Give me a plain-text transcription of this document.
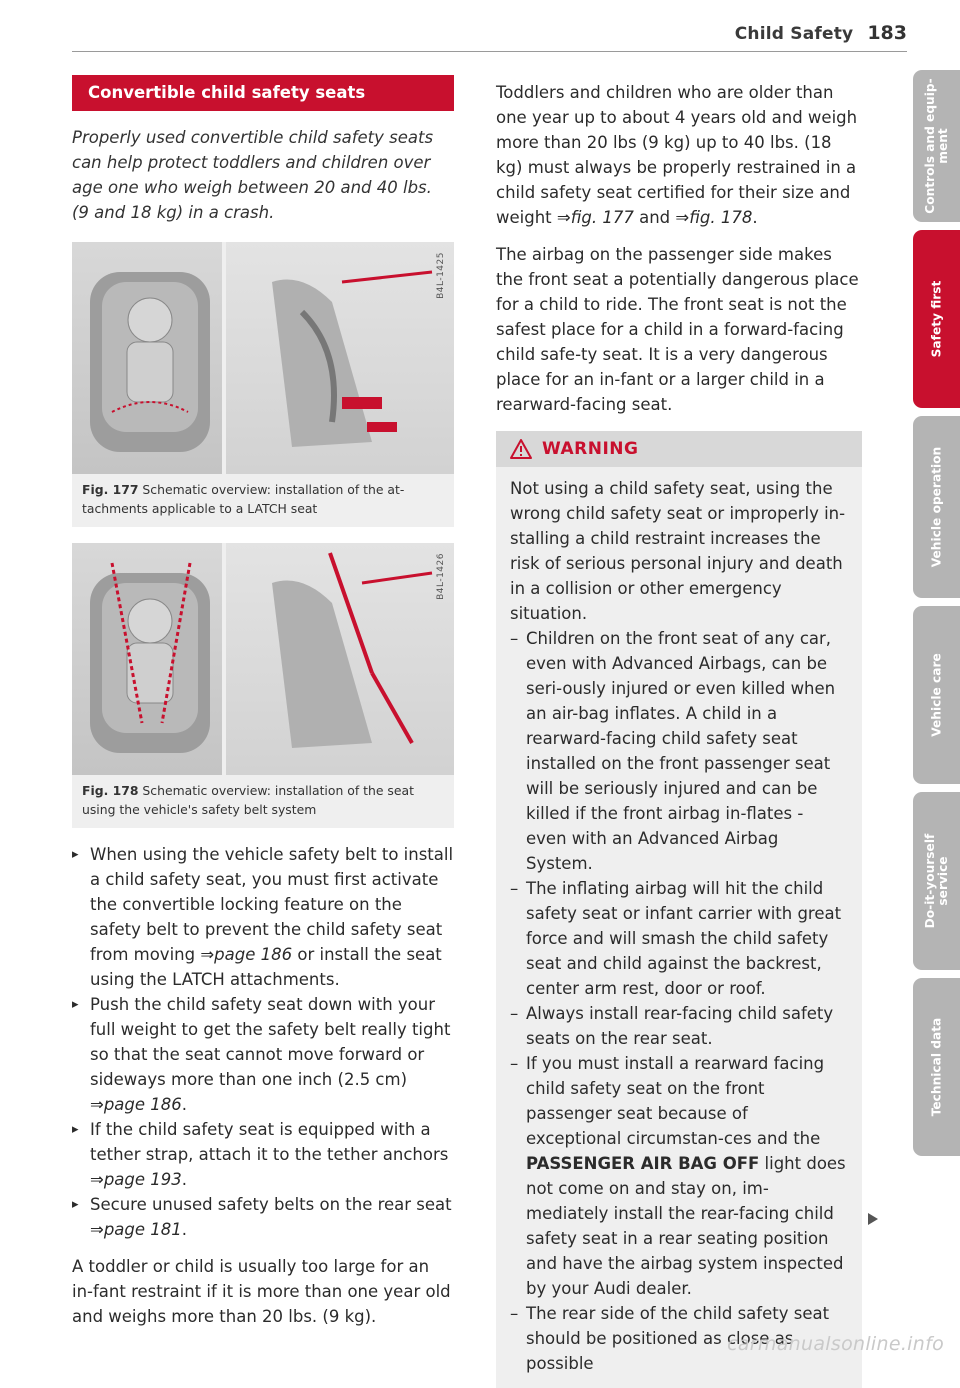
Child Safety 183
Convertible child safety seats

Properly used convertible child safety seats can help protect toddlers and children over age one who weigh between 20 and 40 lbs. (9 and 18 kg) in a crash.

B4L-1425
Fig. 177 Schematic overview: installation of the at-tachments applicable to a LATCH seat
B4L-1426
Fig. 178 Schematic overview: installation of the seat using the vehicle's safety belt system

▸ When using the vehicle safety belt to install a child safety seat, you must first activate the convertible locking feature on the safety belt to prevent the child safety seat from moving ⇒page 186 or install the seat using the LATCH attachments.

▸ Push the child safety seat down with your full weight to get the safety belt really tight so that the seat cannot move forward or sideways more than one inch (2.5 cm) ⇒page 186.

▸ If the child safety seat is equipped with a tether strap, attach it to the tether anchors ⇒page 193.

▸ Secure unused safety belts on the rear seat ⇒page 181.

A toddler or child is usually too large for an in-fant restraint if it is more than one year old and weighs more than 20 lbs. (9 kg).

Toddlers and children who are older than one year up to about 4 years old and weigh more than 20 lbs (9 kg) up to 40 lbs. (18 kg) must always be properly restrained in a child safety seat certified for their size and weight ⇒fig. 177 and ⇒fig. 178.

The airbag on the passenger side makes the front seat a potentially dangerous place for a child to ride. The front seat is not the safest place for a child in a forward-facing child safe-ty seat. It is a very dangerous place for an in-fant or a larger child in a rearward-facing seat.

WARNING

Not using a child safety seat, using the wrong child safety seat or improperly in-stalling a child restraint increases the risk of serious personal injury and death in a collision or other emergency situation.

– Children on the front seat of any car, even with Advanced Airbags, can be seri-ously injured or even killed when an air-bag inflates. A child in a rearward-facing child safety seat installed on the front passenger seat will be seriously injured and can be killed if the front airbag in-flates - even with an Advanced Airbag System.

– The inflating airbag will hit the child safety seat or infant carrier with great force and will smash the child safety seat and child against the backrest, center arm rest, door or roof.

– Always install rear-facing child safety seats on the rear seat.

– If you must install a rearward facing child safety seat on the front passenger seat because of exceptional circumstan-ces and the PASSENGER AIR BAG OFF light does not come on and stay on, im-mediately install the rear-facing child safety seat in a rear seating position and have the airbag system inspected by your Audi dealer.

– The rear side of the child safety seat should be positioned as close as possible

Controls and equip-
ment
Safety first
Vehicle operation
Vehicle care
Do-it-yourself
service
Technical data
carmanualsonline.info
